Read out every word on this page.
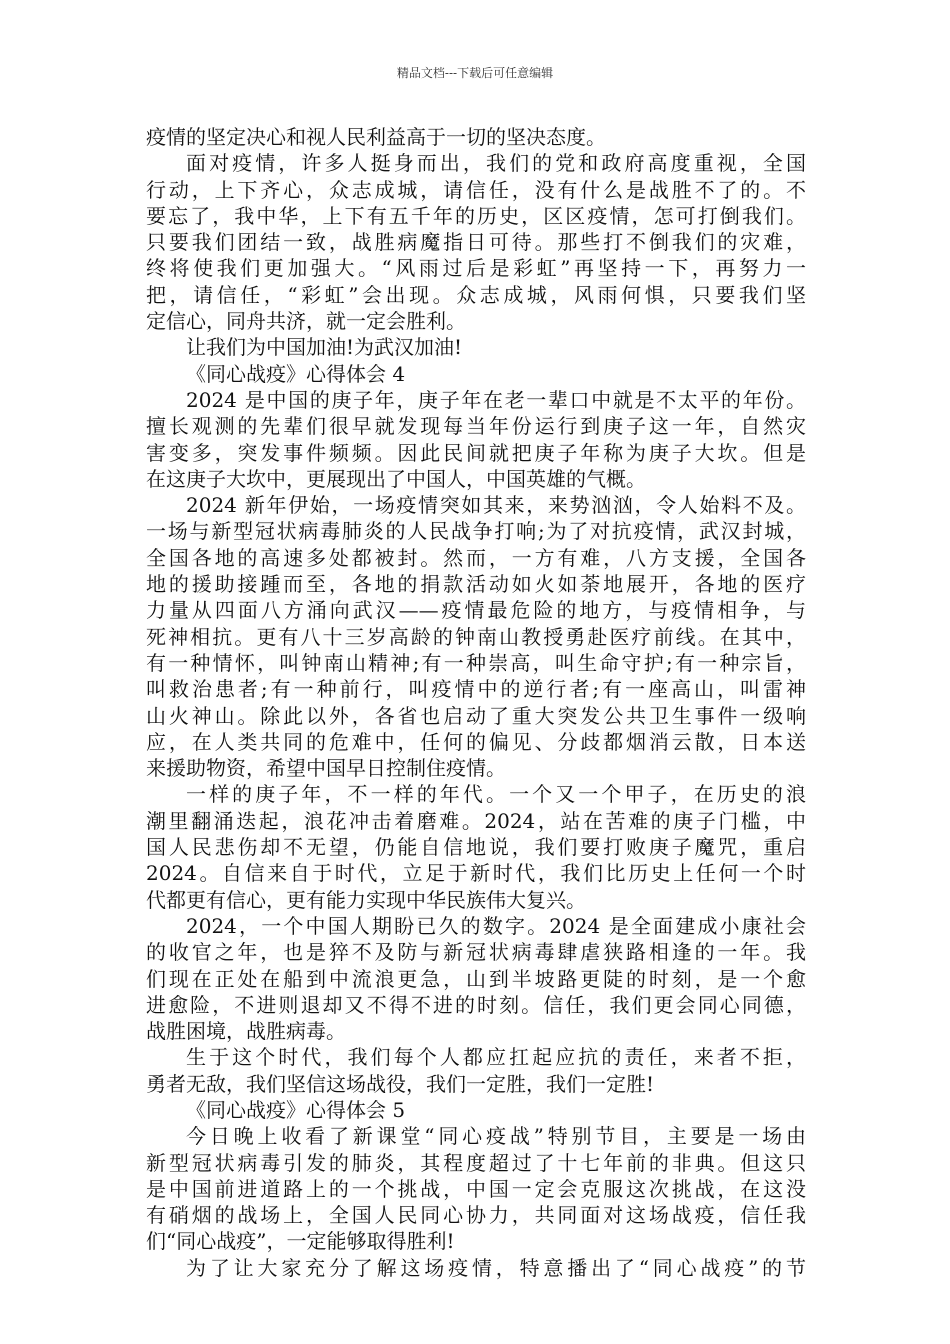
精品文档---下载后可任意编辑
疫情的坚定决心和视人民利益高于一切的坚决态度。
面对疫情，许多人挺身而出，我们的党和政府高度重视，全国
行动，上下齐心，众志成城，请信任，没有什么是战胜不了的。不
要忘了，我中华，上下有五千年的历史，区区疫情，怎可打倒我们。
只要我们团结一致，战胜病魔指日可待。那些打不倒我们的灾难，
终将使我们更加强大。“风雨过后是彩虹”再坚持一下，再努力一
把，请信任，“彩虹”会出现。众志成城，风雨何惧，只要我们坚
定信心，同舟共济，就一定会胜利。
让我们为中国加油!为武汉加油!
《同心战疫》心得体会 4
2024 是中国的庚子年，庚子年在老一辈口中就是不太平的年份。
擅长观测的先辈们很早就发现每当年份运行到庚子这一年，自然灾
害变多，突发事件频频。因此民间就把庚子年称为庚子大坎。但是
在这庚子大坎中，更展现出了中国人，中国英雄的气概。
2024 新年伊始，一场疫情突如其来，来势汹汹，令人始料不及。
一场与新型冠状病毒肺炎的人民战争打响;为了对抗疫情，武汉封城，
全国各地的高速多处都被封。然而，一方有难，八方支援，全国各
地的援助接踵而至，各地的捐款活动如火如荼地展开，各地的医疗
力量从四面八方涌向武汉——疫情最危险的地方，与疫情相争，与
死神相抗。更有八十三岁高龄的钟南山教授勇赴医疗前线。在其中，
有一种情怀，叫钟南山精神;有一种崇高，叫生命守护;有一种宗旨，
叫救治患者;有一种前行，叫疫情中的逆行者;有一座高山，叫雷神
山火神山。除此以外，各省也启动了重大突发公共卫生事件一级响
应，在人类共同的危难中，任何的偏见、分歧都烟消云散，日本送
来援助物资，希望中国早日控制住疫情。
一样的庚子年，不一样的年代。一个又一个甲子，在历史的浪
潮里翻涌迭起，浪花冲击着磨难。2024，站在苦难的庚子门槛，中
国人民悲伤却不无望，仍能自信地说，我们要打败庚子魔咒，重启
2024。自信来自于时代，立足于新时代，我们比历史上任何一个时
代都更有信心，更有能力实现中华民族伟大复兴。
2024，一个中国人期盼已久的数字。2024 是全面建成小康社会
的收官之年，也是猝不及防与新冠状病毒肆虐狭路相逢的一年。我
们现在正处在船到中流浪更急，山到半坡路更陡的时刻，是一个愈
进愈险，不进则退却又不得不进的时刻。信任，我们更会同心同德，
战胜困境，战胜病毒。
生于这个时代，我们每个人都应扛起应抗的责任，来者不拒，
勇者无敌，我们坚信这场战役，我们一定胜，我们一定胜!
《同心战疫》心得体会 5
今日晚上收看了新课堂“同心疫战”特别节目，主要是一场由
新型冠状病毒引发的肺炎，其程度超过了十七年前的非典。但这只
是中国前进道路上的一个挑战，中国一定会克服这次挑战，在这没
有硝烟的战场上，全国人民同心协力，共同面对这场战疫，信任我
们“同心战疫”，一定能够取得胜利!
为了让大家充分了解这场疫情，特意播出了“同心战疫”的节
